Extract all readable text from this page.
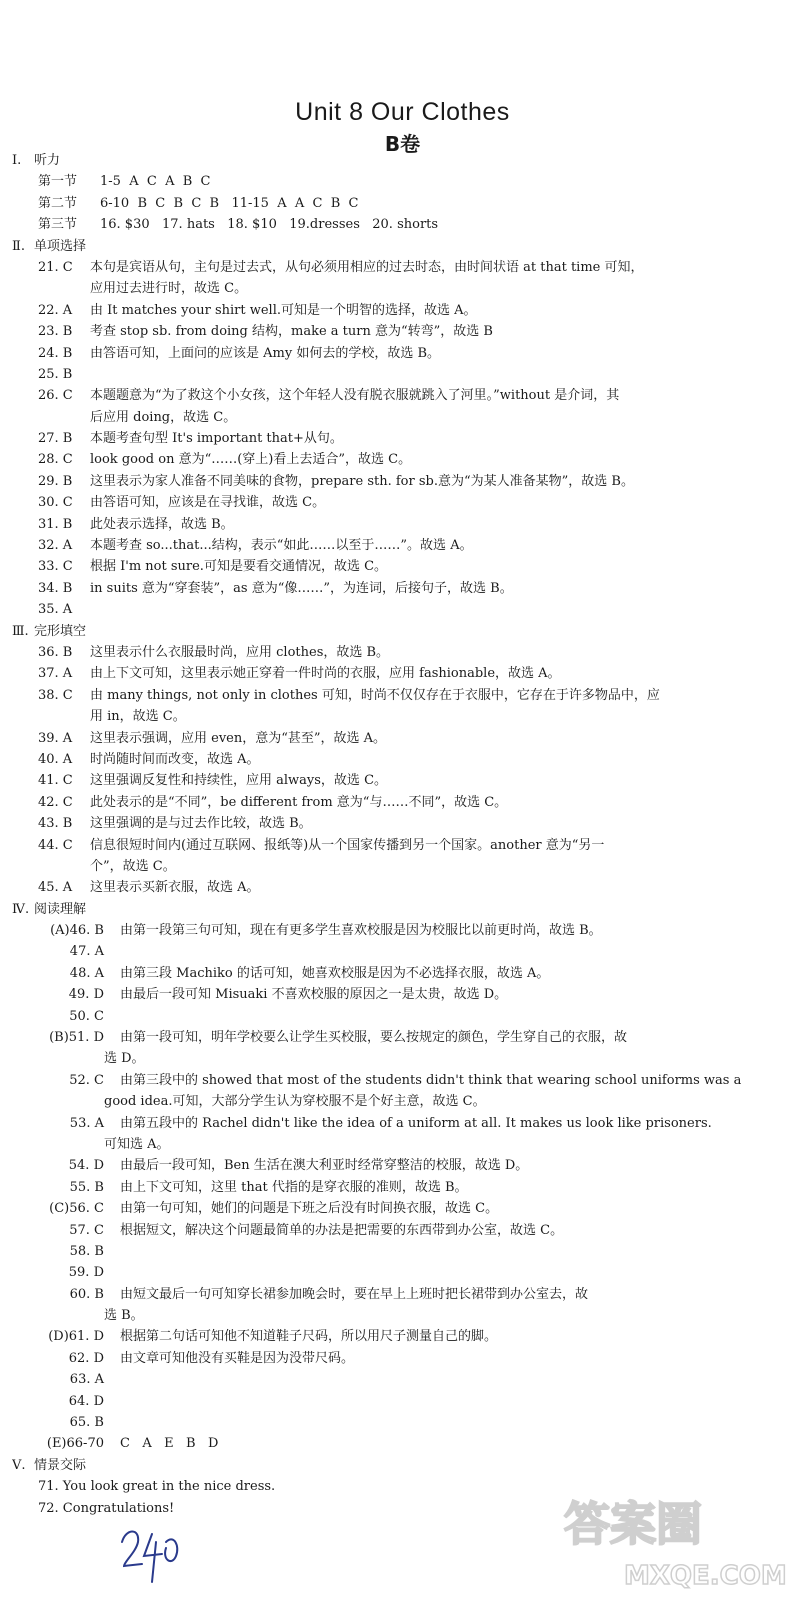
Unit 8 Our Clothes
B卷
Ⅰ. 听力
第一节 1-5  A  C  A  B  C
第二节 6-10  B  C  B  C  B   11-15  A  A  C  B  C
第三节 16. $30   17. hats   18. $10   19.dresses   20. shorts
Ⅱ. 单项选择
21. C 本句是宾语从句，主句是过去式，从句必须用相应的过去时态，由时间状语 at that time 可知，
应用过去进行时，故选 C。
22. A 由 It matches your shirt well.可知是一个明智的选择，故选 A。
23. B 考查 stop sb. from doing 结构，make a turn 意为“转弯”，故选 B
24. B 由答语可知，上面问的应该是 Amy 如何去的学校，故选 B。
25. B
26. C 本题题意为“为了救这个小女孩，这个年轻人没有脱衣服就跳入了河里。”without 是介词，其
后应用 doing，故选 C。
27. B 本题考查句型 It's important that+从句。
28. C look good on 意为“……(穿上)看上去适合”，故选 C。
29. B 这里表示为家人准备不同美味的食物，prepare sth. for sb.意为“为某人准备某物”，故选 B。
30. C 由答语可知，应该是在寻找谁，故选 C。
31. B 此处表示选择，故选 B。
32. A 本题考查 so...that...结构，表示“如此……以至于……”。故选 A。
33. C 根据 I'm not sure.可知是要看交通情况，故选 C。
34. B in suits 意为“穿套装”，as 意为“像……”，为连词，后接句子，故选 B。
35. A
Ⅲ. 完形填空
36. B 这里表示什么衣服最时尚，应用 clothes，故选 B。
37. A 由上下文可知，这里表示她正穿着一件时尚的衣服，应用 fashionable，故选 A。
38. C 由 many things, not only in clothes 可知，时尚不仅仅存在于衣服中，它存在于许多物品中，应
用 in，故选 C。
39. A 这里表示强调，应用 even，意为“甚至”，故选 A。
40. A 时尚随时间而改变，故选 A。
41. C 这里强调反复性和持续性，应用 always，故选 C。
42. C 此处表示的是“不同”，be different from 意为“与……不同”，故选 C。
43. B 这里强调的是与过去作比较，故选 B。
44. C 信息很短时间内(通过互联网、报纸等)从一个国家传播到另一个国家。another 意为“另一
个”，故选 C。
45. A 这里表示买新衣服，故选 A。
Ⅳ. 阅读理解
(A)46. B 由第一段第三句可知，现在有更多学生喜欢校服是因为校服比以前更时尚，故选 B。
47. A
48. A 由第三段 Machiko 的话可知，她喜欢校服是因为不必选择衣服，故选 A。
49. D 由最后一段可知 Misuaki 不喜欢校服的原因之一是太贵，故选 D。
50. C
(B)51. D 由第一段可知，明年学校要么让学生买校服，要么按规定的颜色，学生穿自己的衣服，故
选 D。
52. C 由第三段中的 showed that most of the students didn't think that wearing school uniforms was a
good idea.可知，大部分学生认为穿校服不是个好主意，故选 C。
53. A 由第五段中的 Rachel didn't like the idea of a uniform at all. It makes us look like prisoners.
可知选 A。
54. D 由最后一段可知，Ben 生活在澳大利亚时经常穿整洁的校服，故选 D。
55. B 由上下文可知，这里 that 代指的是穿衣服的准则，故选 B。
(C)56. C 由第一句可知，她们的问题是下班之后没有时间换衣服，故选 C。
57. C 根据短文，解决这个问题最简单的办法是把需要的东西带到办公室，故选 C。
58. B
59. D
60. B 由短文最后一句可知穿长裙参加晚会时，要在早上上班时把长裙带到办公室去，故
选 B。
(D)61. D 根据第二句话可知他不知道鞋子尺码，所以用尺子测量自己的脚。
62. D 由文章可知他没有买鞋是因为没带尺码。
63. A
64. D
65. B
(E)66-70 C   A   E   B   D
Ⅴ. 情景交际
71. You look great in the nice dress.
72. Congratulations!	答案圈
MXQE.COM
